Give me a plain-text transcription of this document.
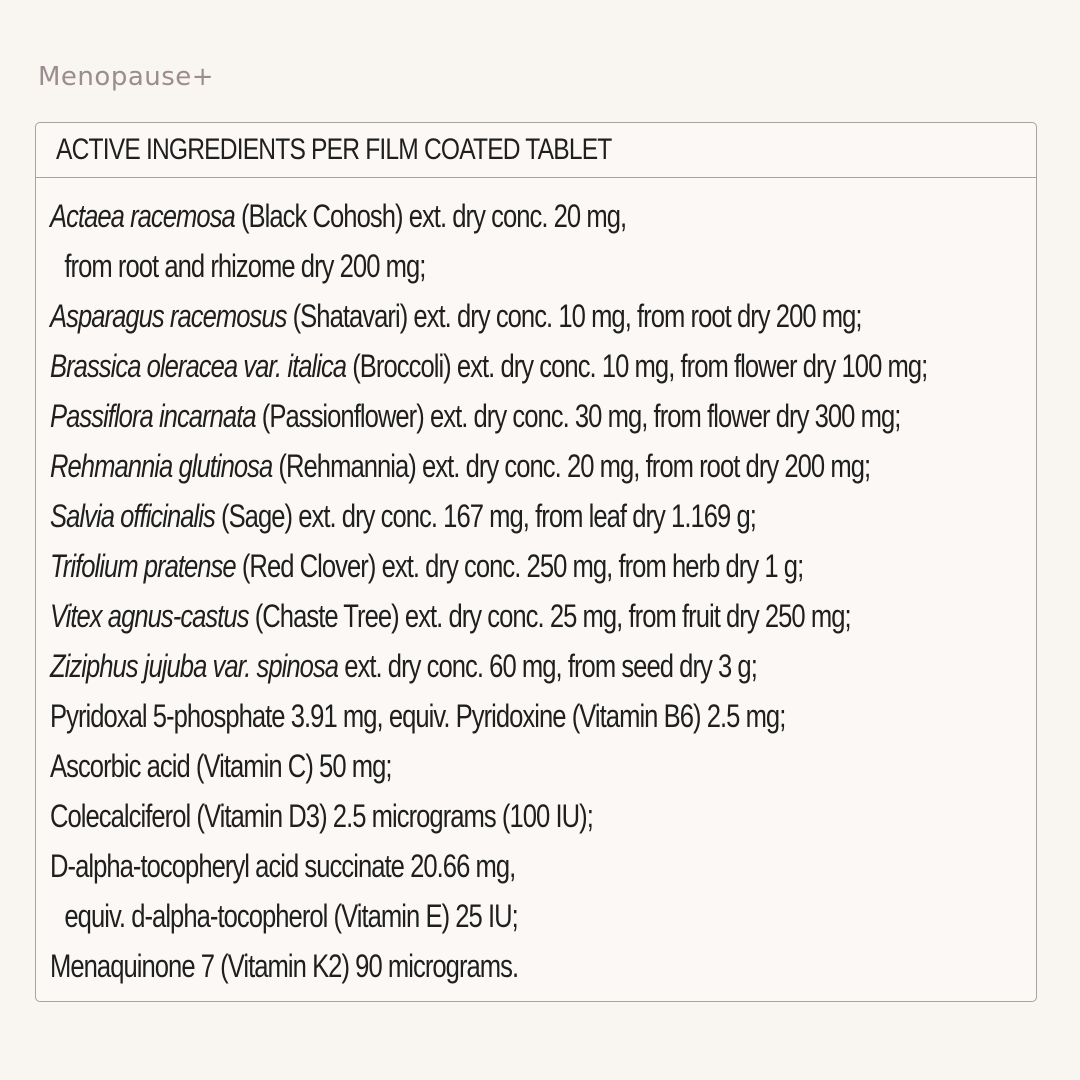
Menopause+
ACTIVE INGREDIENTS PER FILM COATED TABLET
Actaea racemosa (Black Cohosh) ext. dry conc. 20 mg,
from root and rhizome dry 200 mg;
Asparagus racemosus (Shatavari) ext. dry conc. 10 mg, from root dry 200 mg;
Brassica oleracea var. italica (Broccoli) ext. dry conc. 10 mg, from flower dry 100 mg;
Passiflora incarnata (Passionflower) ext. dry conc. 30 mg, from flower dry 300 mg;
Rehmannia glutinosa (Rehmannia) ext. dry conc. 20 mg, from root dry 200 mg;
Salvia officinalis (Sage) ext. dry conc. 167 mg, from leaf dry 1.169 g;
Trifolium pratense (Red Clover) ext. dry conc. 250 mg, from herb dry 1 g;
Vitex agnus-castus (Chaste Tree) ext. dry conc. 25 mg, from fruit dry 250 mg;
Ziziphus jujuba var. spinosa ext. dry conc. 60 mg, from seed dry 3 g;
Pyridoxal 5-phosphate 3.91 mg, equiv. Pyridoxine (Vitamin B6) 2.5 mg;
Ascorbic acid (Vitamin C) 50 mg;
Colecalciferol (Vitamin D3) 2.5 micrograms (100 IU);
D-alpha-tocopheryl acid succinate 20.66 mg,
equiv. d-alpha-tocopherol (Vitamin E) 25 IU;
Menaquinone 7 (Vitamin K2) 90 micrograms.
